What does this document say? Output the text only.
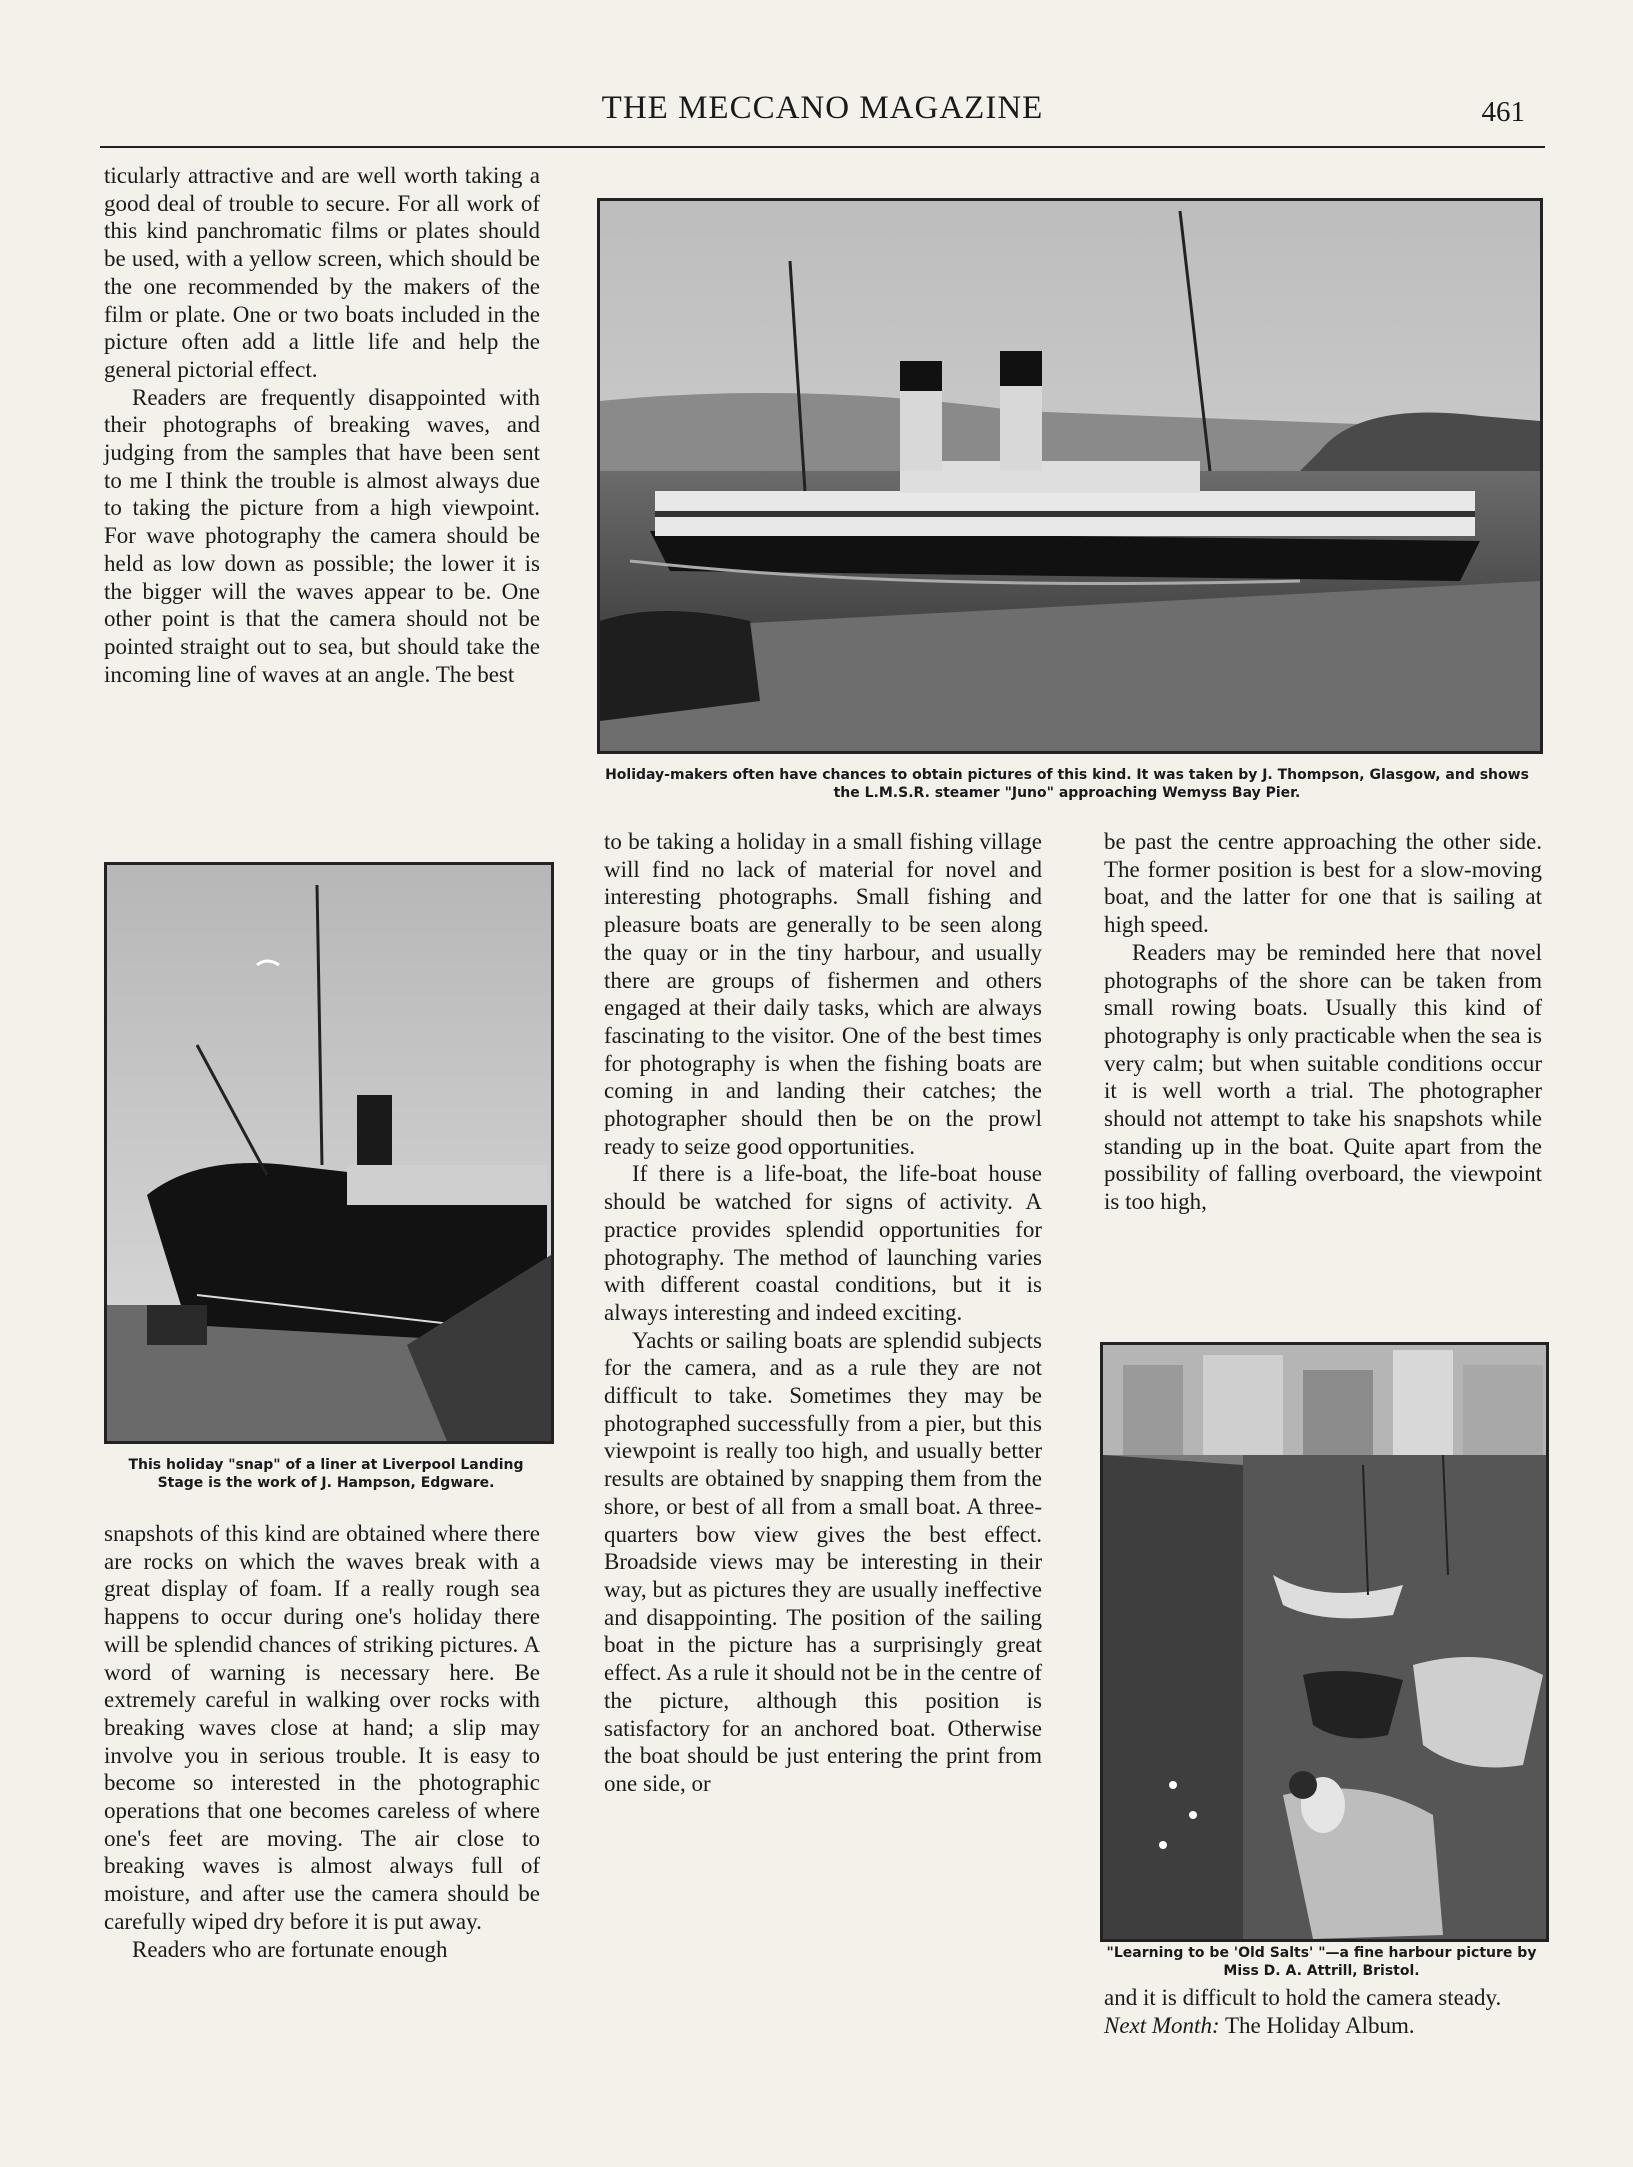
THE MECCANO MAGAZINE	461

ticularly attractive and are well worth taking a good deal of trouble to secure. For all work of this kind panchromatic films or plates should be used, with a yellow screen, which should be the one recommended by the makers of the film or plate. One or two boats included in the picture often add a little life and help the general pictorial effect.

Readers are frequently disappointed with their photographs of breaking waves, and judging from the samples that have been sent to me I think the trouble is almost always due to taking the picture from a high viewpoint. For wave photography the camera should be held as low down as possible; the lower it is the bigger will the waves appear to be. One other point is that the camera should not be pointed straight out to sea, but should take the incoming line of waves at an angle. The best

Holiday-makers often have chances to obtain pictures of this kind. It was taken by J. Thompson, Glasgow, and shows the L.M.S.R. steamer "Juno" approaching Wemyss Bay Pier.
This holiday "snap" of a liner at Liverpool Landing Stage is the work of J. Hampson, Edgware.

snapshots of this kind are obtained where there are rocks on which the waves break with a great display of foam. If a really rough sea happens to occur during one's holiday there will be splendid chances of striking pictures. A word of warning is necessary here. Be extremely careful in walking over rocks with breaking waves close at hand; a slip may involve you in serious trouble. It is easy to become so interested in the photographic operations that one becomes careless of where one's feet are moving. The air close to breaking waves is almost always full of moisture, and after use the camera should be carefully wiped dry before it is put away.

Readers who are fortunate enough

to be taking a holiday in a small fishing village will find no lack of material for novel and interesting photographs. Small fishing and pleasure boats are generally to be seen along the quay or in the tiny harbour, and usually there are groups of fishermen and others engaged at their daily tasks, which are always fascinating to the visitor. One of the best times for photography is when the fishing boats are coming in and landing their catches; the photographer should then be on the prowl ready to seize good opportunities.

If there is a life-boat, the life-boat house should be watched for signs of activity. A practice provides splendid opportunities for photography. The method of launching varies with different coastal conditions, but it is always interesting and indeed exciting.

Yachts or sailing boats are splendid subjects for the camera, and as a rule they are not difficult to take. Sometimes they may be photographed successfully from a pier, but this viewpoint is really too high, and usually better results are obtained by snapping them from the shore, or best of all from a small boat. A three-quarters bow view gives the best effect. Broadside views may be interesting in their way, but as pictures they are usually ineffective and disappointing. The position of the sailing boat in the picture has a surprisingly great effect. As a rule it should not be in the centre of the picture, although this position is satisfactory for an anchored boat. Otherwise the boat should be just entering the print from one side, or

be past the centre approaching the other side. The former position is best for a slow-moving boat, and the latter for one that is sailing at high speed.

Readers may be reminded here that novel photographs of the shore can be taken from small rowing boats. Usually this kind of photography is only practicable when the sea is very calm; but when suitable conditions occur it is well worth a trial. The photographer should not attempt to take his snapshots while standing up in the boat. Quite apart from the possibility of falling overboard, the viewpoint is too high,

"Learning to be 'Old Salts' "—a fine harbour picture by Miss D. A. Attrill, Bristol.

and it is difficult to hold the camera steady.

Next Month: The Holiday Album.
